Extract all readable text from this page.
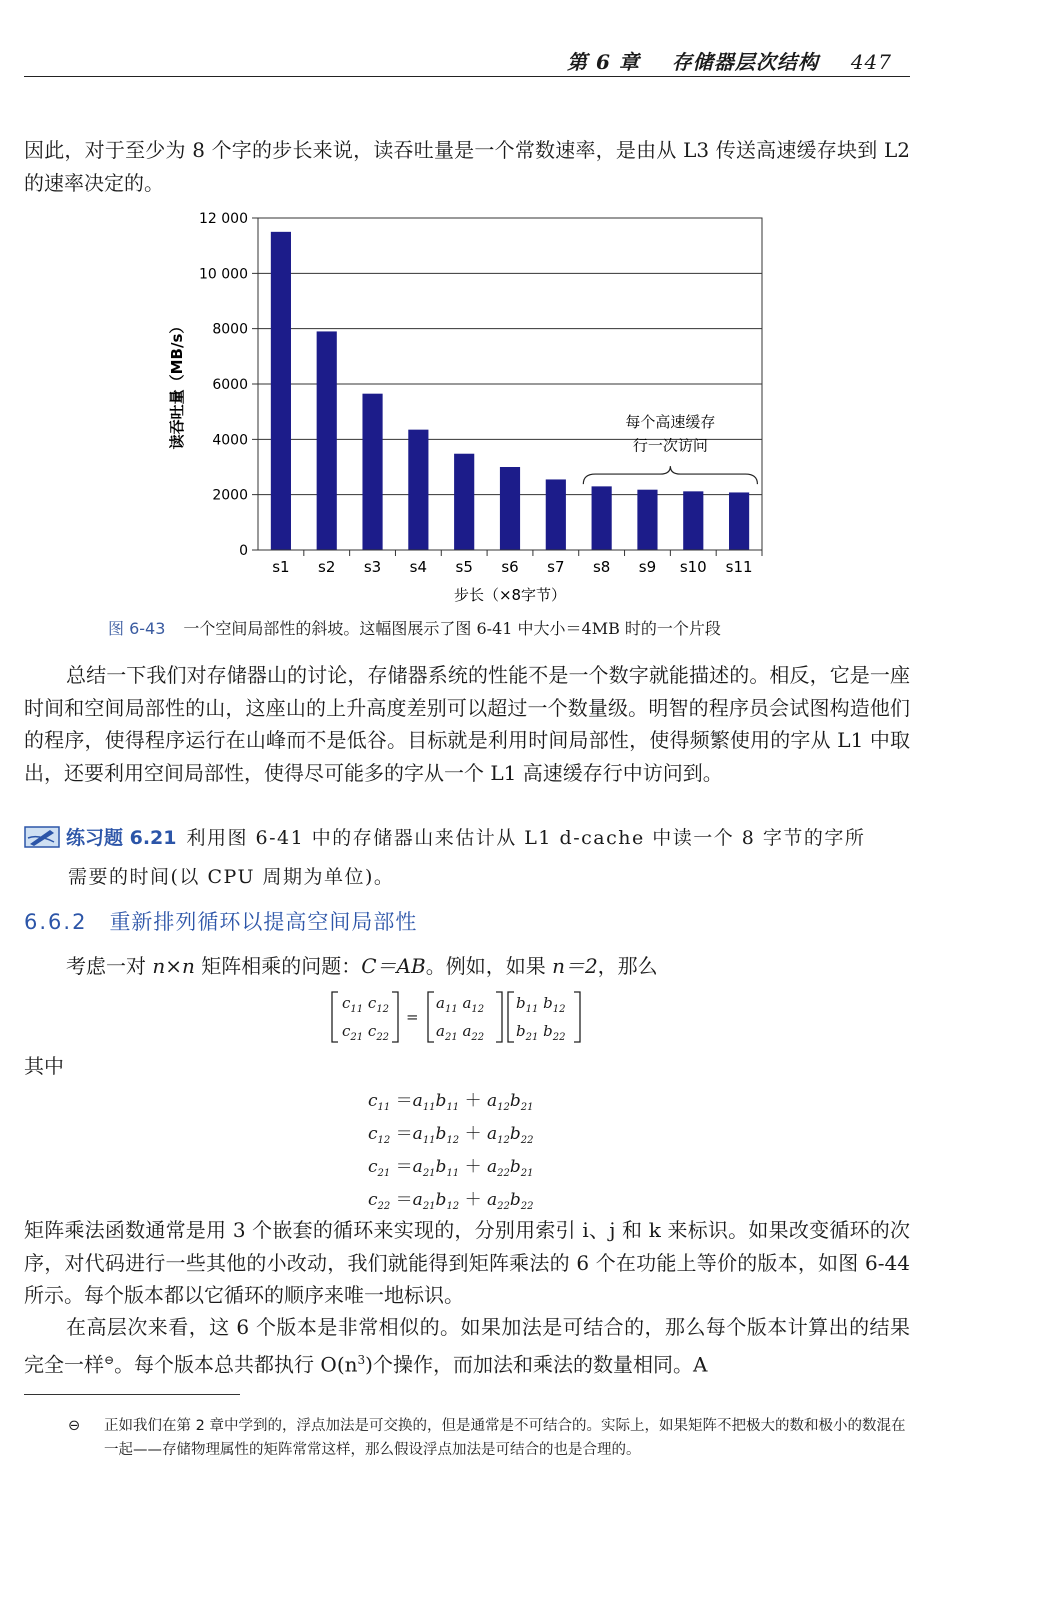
第 6 章 存储器层次结构 447
因此，对于至少为 8 个字的步长来说，读吞吐量是一个常数速率，是由从 L3 传送高速缓存块到 L2 的速率决定的。
0
2000
4000
6000
8000
10 000
12 000
s1 s2 s3 s4 s5 s6 s7 s8 s9 s10 s11
读吞吐量（MB/s）
步长（×8字节）
每个高速缓存
行一次访问
图 6-43 一个空间局部性的斜坡。这幅图展示了图 6-41 中大小＝4MB 时的一个片段
总结一下我们对存储器山的讨论，存储器系统的性能不是一个数字就能描述的。相反，它是一座时间和空间局部性的山，这座山的上升高度差别可以超过一个数量级。明智的程序员会试图构造他们的程序，使得程序运行在山峰而不是低谷。目标就是利用时间局部性，使得频繁使用的字从 L1 中取出，还要利用空间局部性，使得尽可能多的字从一个 L1 高速缓存行中访问到。
练习题 6.21 利用图 6-41 中的存储器山来估计从 L1 d-cache 中读一个 8 字节的字所
需要的时间(以 CPU 周期为单位)。
6.6.2 重新排列循环以提高空间局部性
考虑一对 n×n 矩阵相乘的问题：C＝AB。例如，如果 n＝2，那么
$c_{11}$ $c_{12}$
$c_{21}$ $c_{22}$
=
$a_{11}$ $a_{12}$
$a_{21}$ $a_{22}$
$b_{11}$ $b_{12}$
$b_{21}$ $b_{22}$
其中
$c_{11} =a_{11}b_{11} + a_{12}b_{21}$
$c_{12} =a_{11}b_{12} + a_{12}b_{22}$
$c_{21} =a_{21}b_{11} + a_{22}b_{21}$
$c_{22} =a_{21}b_{12} + a_{22}b_{22}$
矩阵乘法函数通常是用 3 个嵌套的循环来实现的，分别用索引 i、j 和 k 来标识。如果改变循环的次序，对代码进行一些其他的小改动，我们就能得到矩阵乘法的 6 个在功能上等价的版本，如图 6-44 所示。每个版本都以它循环的顺序来唯一地标识。
在高层次来看，这 6 个版本是非常相似的。如果加法是可结合的，那么每个版本计算出的结果完全一样⊖。每个版本总共都执行 $O(n^3)$个操作，而加法和乘法的数量相同。A
⊖	正如我们在第 2 章中学到的，浮点加法是可交换的，但是通常是不可结合的。实际上，如果矩阵不把极大的数和极小的数混在一起——存储物理属性的矩阵常常这样，那么假设浮点加法是可结合的也是合理的。
